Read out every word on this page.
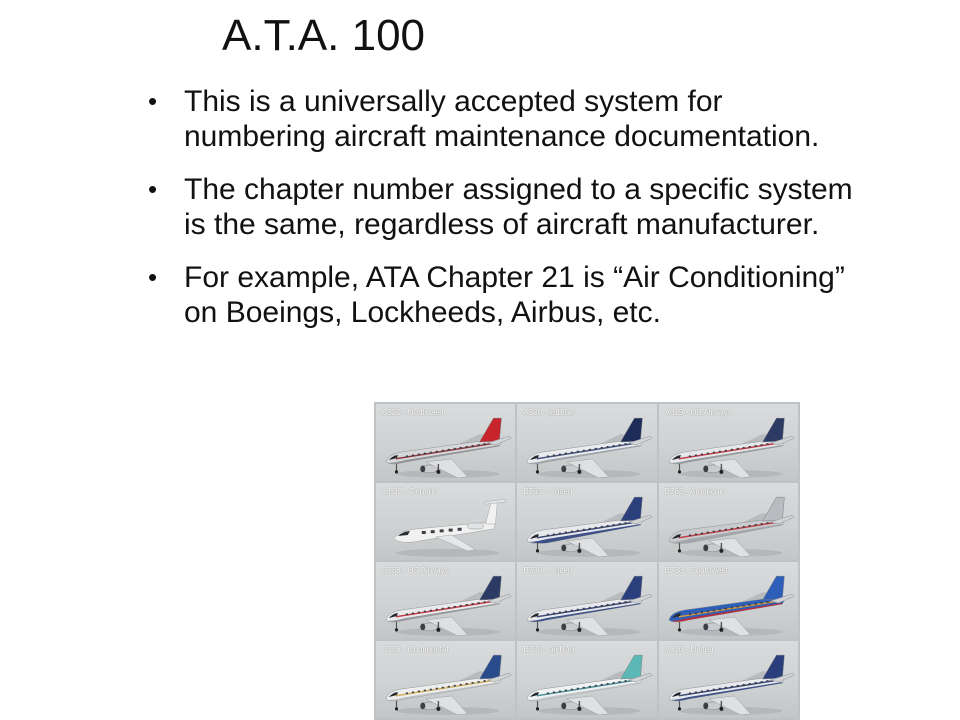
A.T.A. 100
• This is a universally accepted system for numbering aircraft maintenance documentation.
• The chapter number assigned to a specific system is the same, regardless of aircraft manufacturer.
• For example, ATA Chapter 21 is “Air Conditioning” on Boeings, Lockheeds, Airbus, etc.
A320 - Northwest	A320 - jetBlue	A319 - US Airways
LJ-35 - Generic	B763 - United	B763 - American
B738 - US Airways	B738 - United	B738 - Southwest
B738 - Continental	B738 - airTran	A320 - United
